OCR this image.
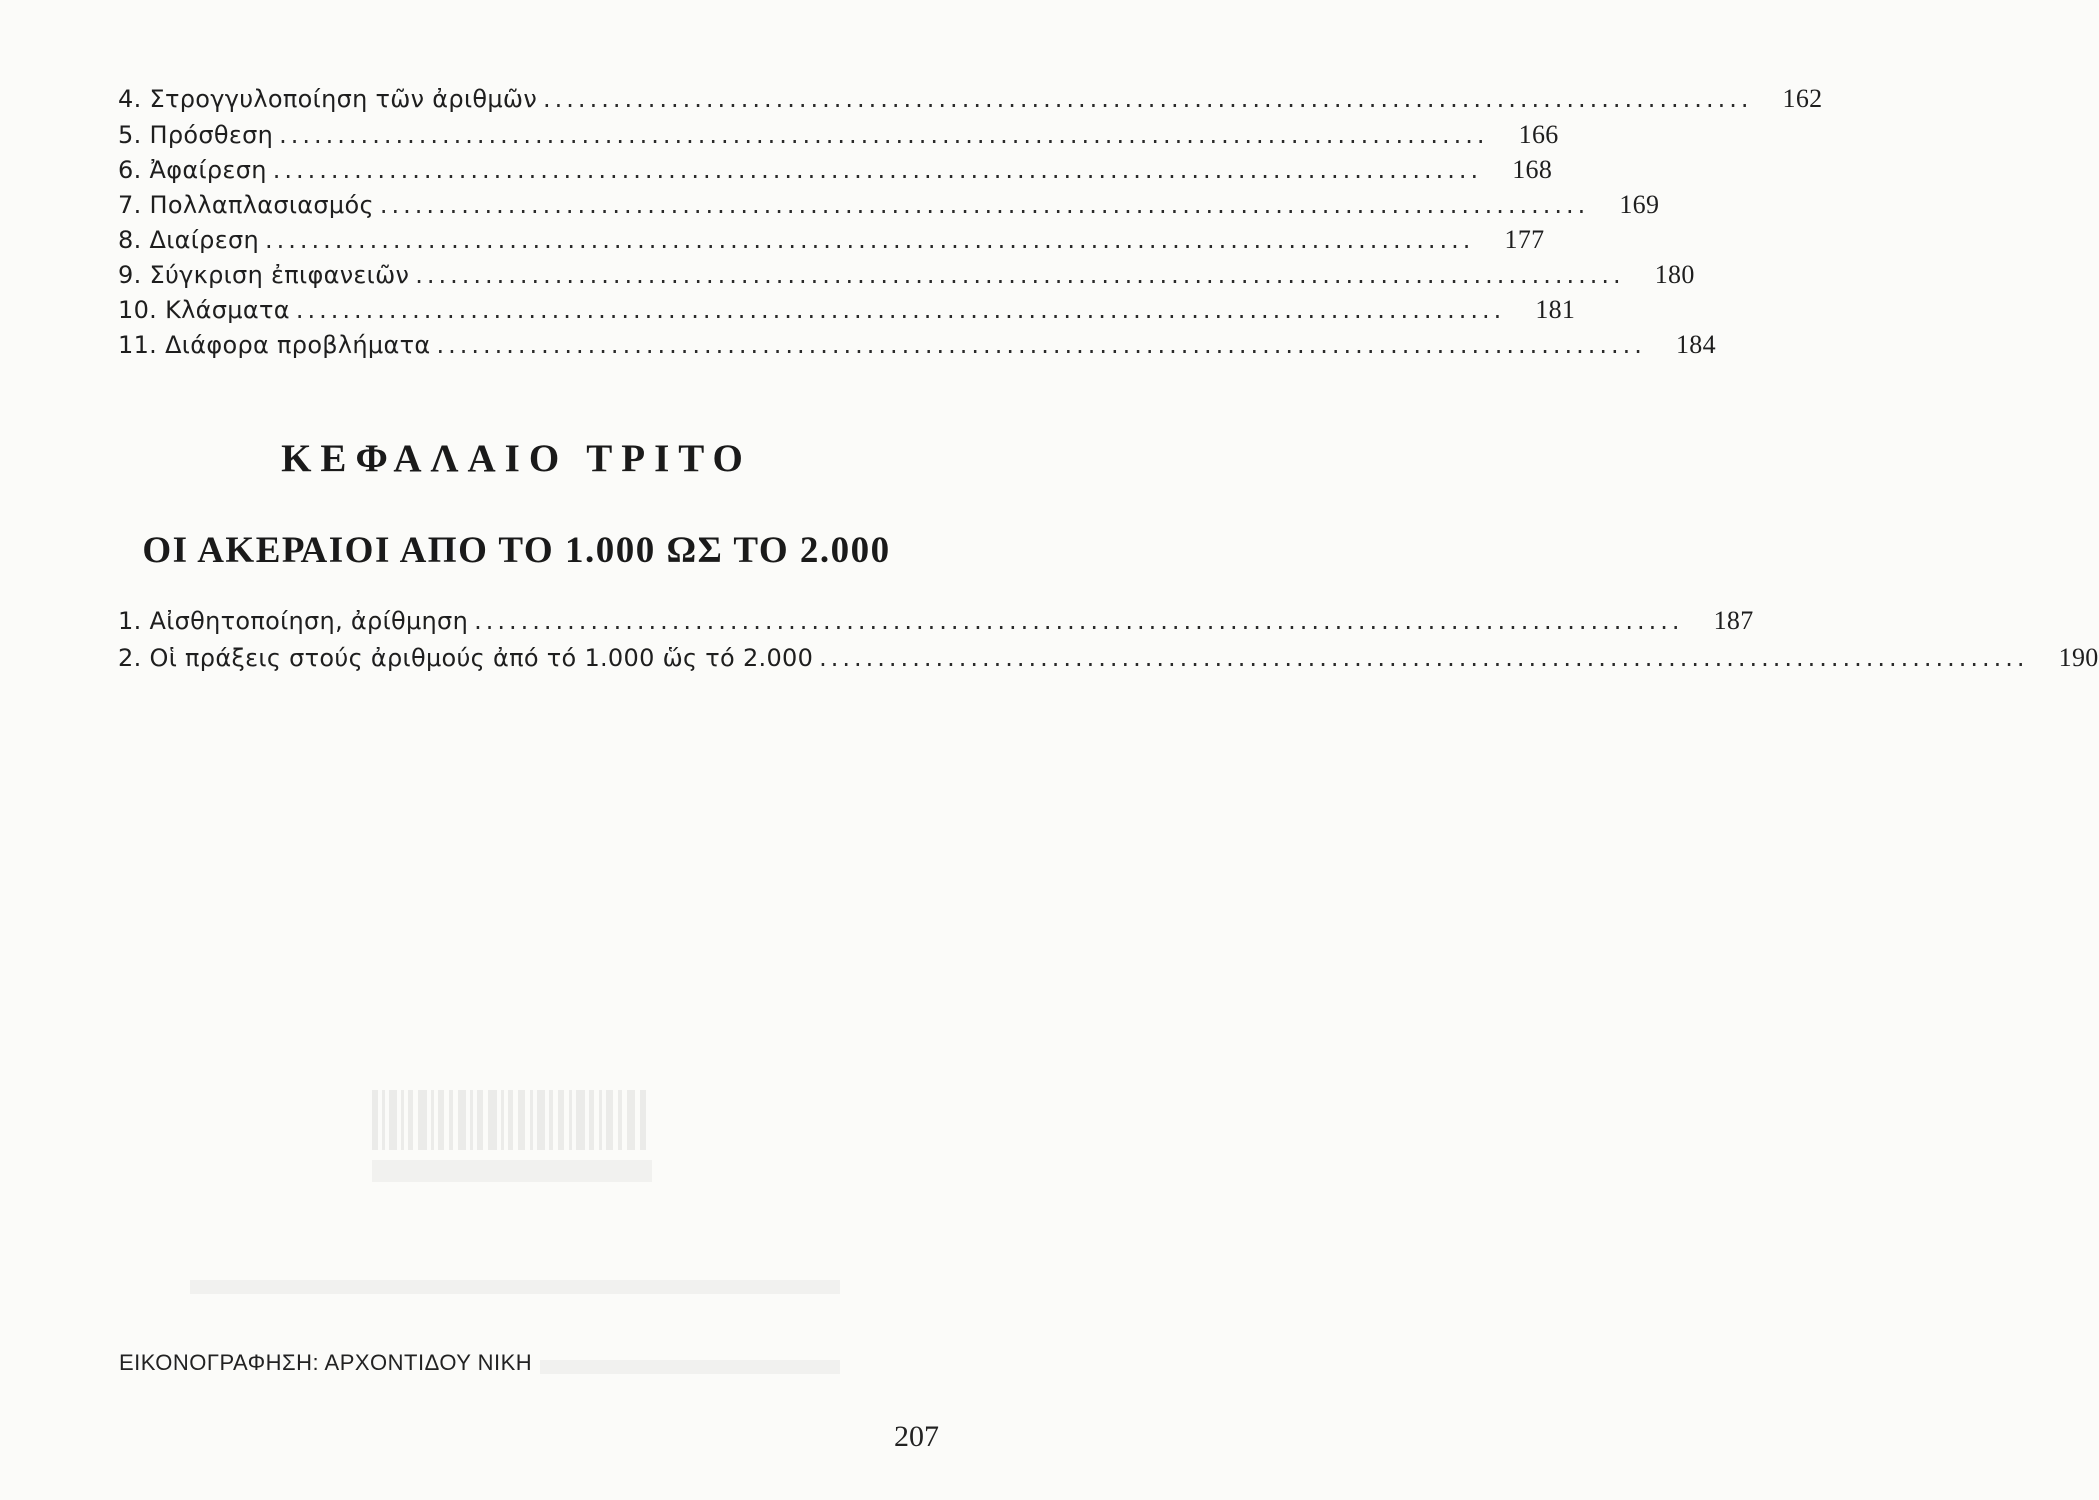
4. Στρογγυλοποίηση τῶν ἀριθμῶν ........................................................................................................	162
5. Πρόσθεση ........................................................................................................	166
6. Ἀφαίρεση ........................................................................................................	168
7. Πολλαπλασιασμός ........................................................................................................	169
8. Διαίρεση ........................................................................................................	177
9. Σύγκριση ἐπιφανειῶν ........................................................................................................	180
10. Κλάσματα ........................................................................................................	181
11. Διάφορα προβλήματα ........................................................................................................	184
ΚΕΦΑΛΑΙΟ ΤΡΙΤΟ
ΟΙ ΑΚΕΡΑΙΟΙ ΑΠΟ ΤΟ 1.000 ΩΣ ΤΟ 2.000
1. Αἰσθητοποίηση, ἀρίθμηση ........................................................................................................	187
2. Οἱ πράξεις στούς ἀριθμούς ἀπό τό 1.000 ὥς τό 2.000 ........................................................................................................	190
ΕΙΚΟΝΟΓΡΑΦΗΣΗ: ΑΡΧΟΝΤΙΔΟΥ ΝΙΚΗ
207
